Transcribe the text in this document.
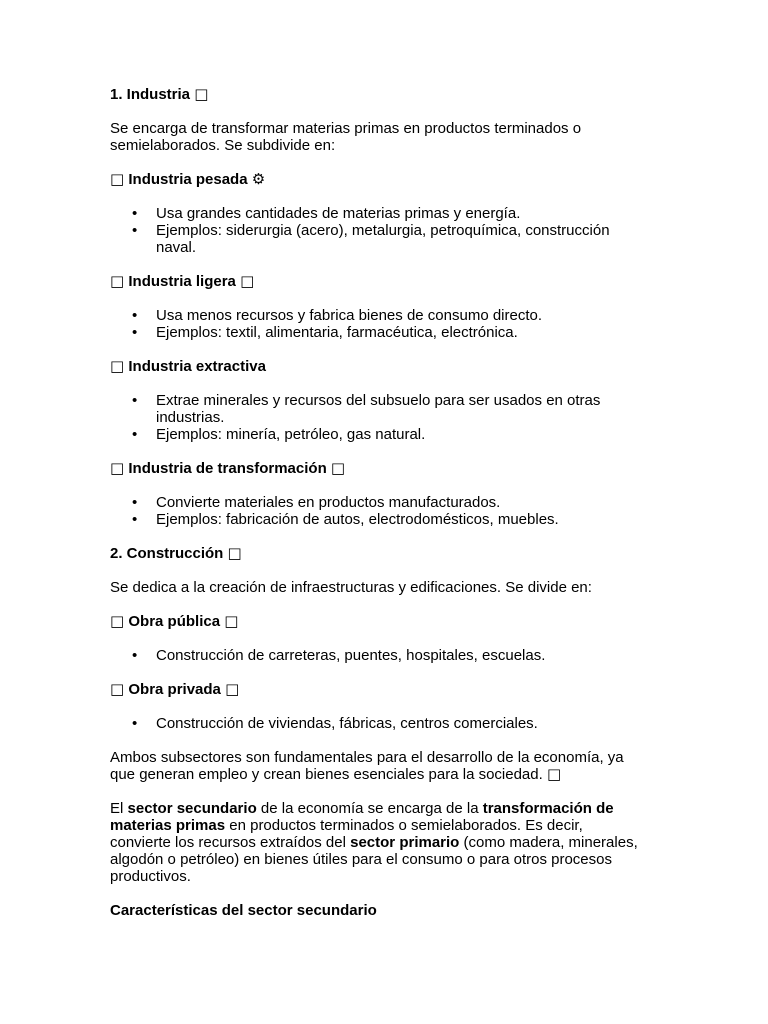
1. Industria □

Se encarga de transformar materias primas en productos terminados o
semielaborados. Se subdivide en:

□ Industria pesada ⚙

• Usa grandes cantidades de materias primas y energía.
• Ejemplos: siderurgia (acero), metalurgia, petroquímica, construcción
naval.

□ Industria ligera □

• Usa menos recursos y fabrica bienes de consumo directo.
• Ejemplos: textil, alimentaria, farmacéutica, electrónica.

□ Industria extractiva

• Extrae minerales y recursos del subsuelo para ser usados en otras
industrias.
• Ejemplos: minería, petróleo, gas natural.

□ Industria de transformación □

• Convierte materiales en productos manufacturados.
• Ejemplos: fabricación de autos, electrodomésticos, muebles.

2. Construcción □

Se dedica a la creación de infraestructuras y edificaciones. Se divide en:

□ Obra pública □

• Construcción de carreteras, puentes, hospitales, escuelas.

□ Obra privada □

• Construcción de viviendas, fábricas, centros comerciales.

Ambos subsectores son fundamentales para el desarrollo de la economía, ya
que generan empleo y crean bienes esenciales para la sociedad. □

El sector secundario de la economía se encarga de la transformación de
materias primas en productos terminados o semielaborados. Es decir,
convierte los recursos extraídos del sector primario (como madera, minerales,
algodón o petróleo) en bienes útiles para el consumo o para otros procesos
productivos.

Características del sector secundario
